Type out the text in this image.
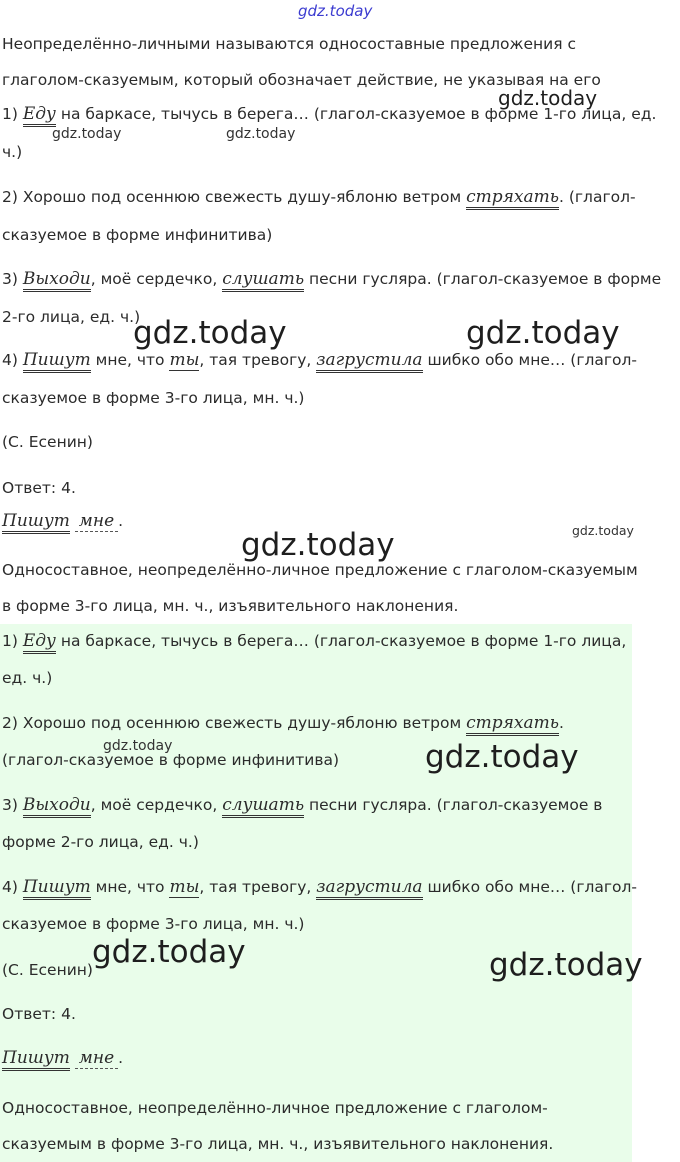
gdz.today
gdz.today
gdz.today	gdz.today
gdz.today	gdz.today
gdz.today
gdz.today
gdz.today	gdz.today
gdz.today	gdz.today
Неопределённо-личными называются односоставные предложения с
глаголом-сказуемым, который обозначает действие, не указывая на его
1) Еду на баркасе, тычусь в берега… (глагол-сказуемое в форме 1-го лица, ед.
ч.)
2) Хорошо под осеннюю свежесть душу-яблоню ветром стряхать. (глагол-
сказуемое в форме инфинитива)
3) Выходи, моё сердечко, слушать песни гусляра. (глагол-сказуемое в форме
2-го лица, ед. ч.)
4) Пишут мне, что ты, тая тревогу, загрустила шибко обо мне… (глагол-
сказуемое в форме 3-го лица, мн. ч.)
(С. Есенин)
Ответ: 4.
Пишут мне .
Односоставное, неопределённо-личное предложение с глаголом-сказуемым
в форме 3-го лица, мн. ч., изъявительного наклонения.
1) Еду на баркасе, тычусь в берега… (глагол-сказуемое в форме 1-го лица,
ед. ч.)
2) Хорошо под осеннюю свежесть душу-яблоню ветром стряхать.
(глагол-сказуемое в форме инфинитива)
3) Выходи, моё сердечко, слушать песни гусляра. (глагол-сказуемое в
форме 2-го лица, ед. ч.)
4) Пишут мне, что ты, тая тревогу, загрустила шибко обо мне… (глагол-
сказуемое в форме 3-го лица, мн. ч.)
(С. Есенин)
Ответ: 4.
Пишут мне .
Односоставное, неопределённо-личное предложение с глаголом-
сказуемым в форме 3-го лица, мн. ч., изъявительного наклонения.
